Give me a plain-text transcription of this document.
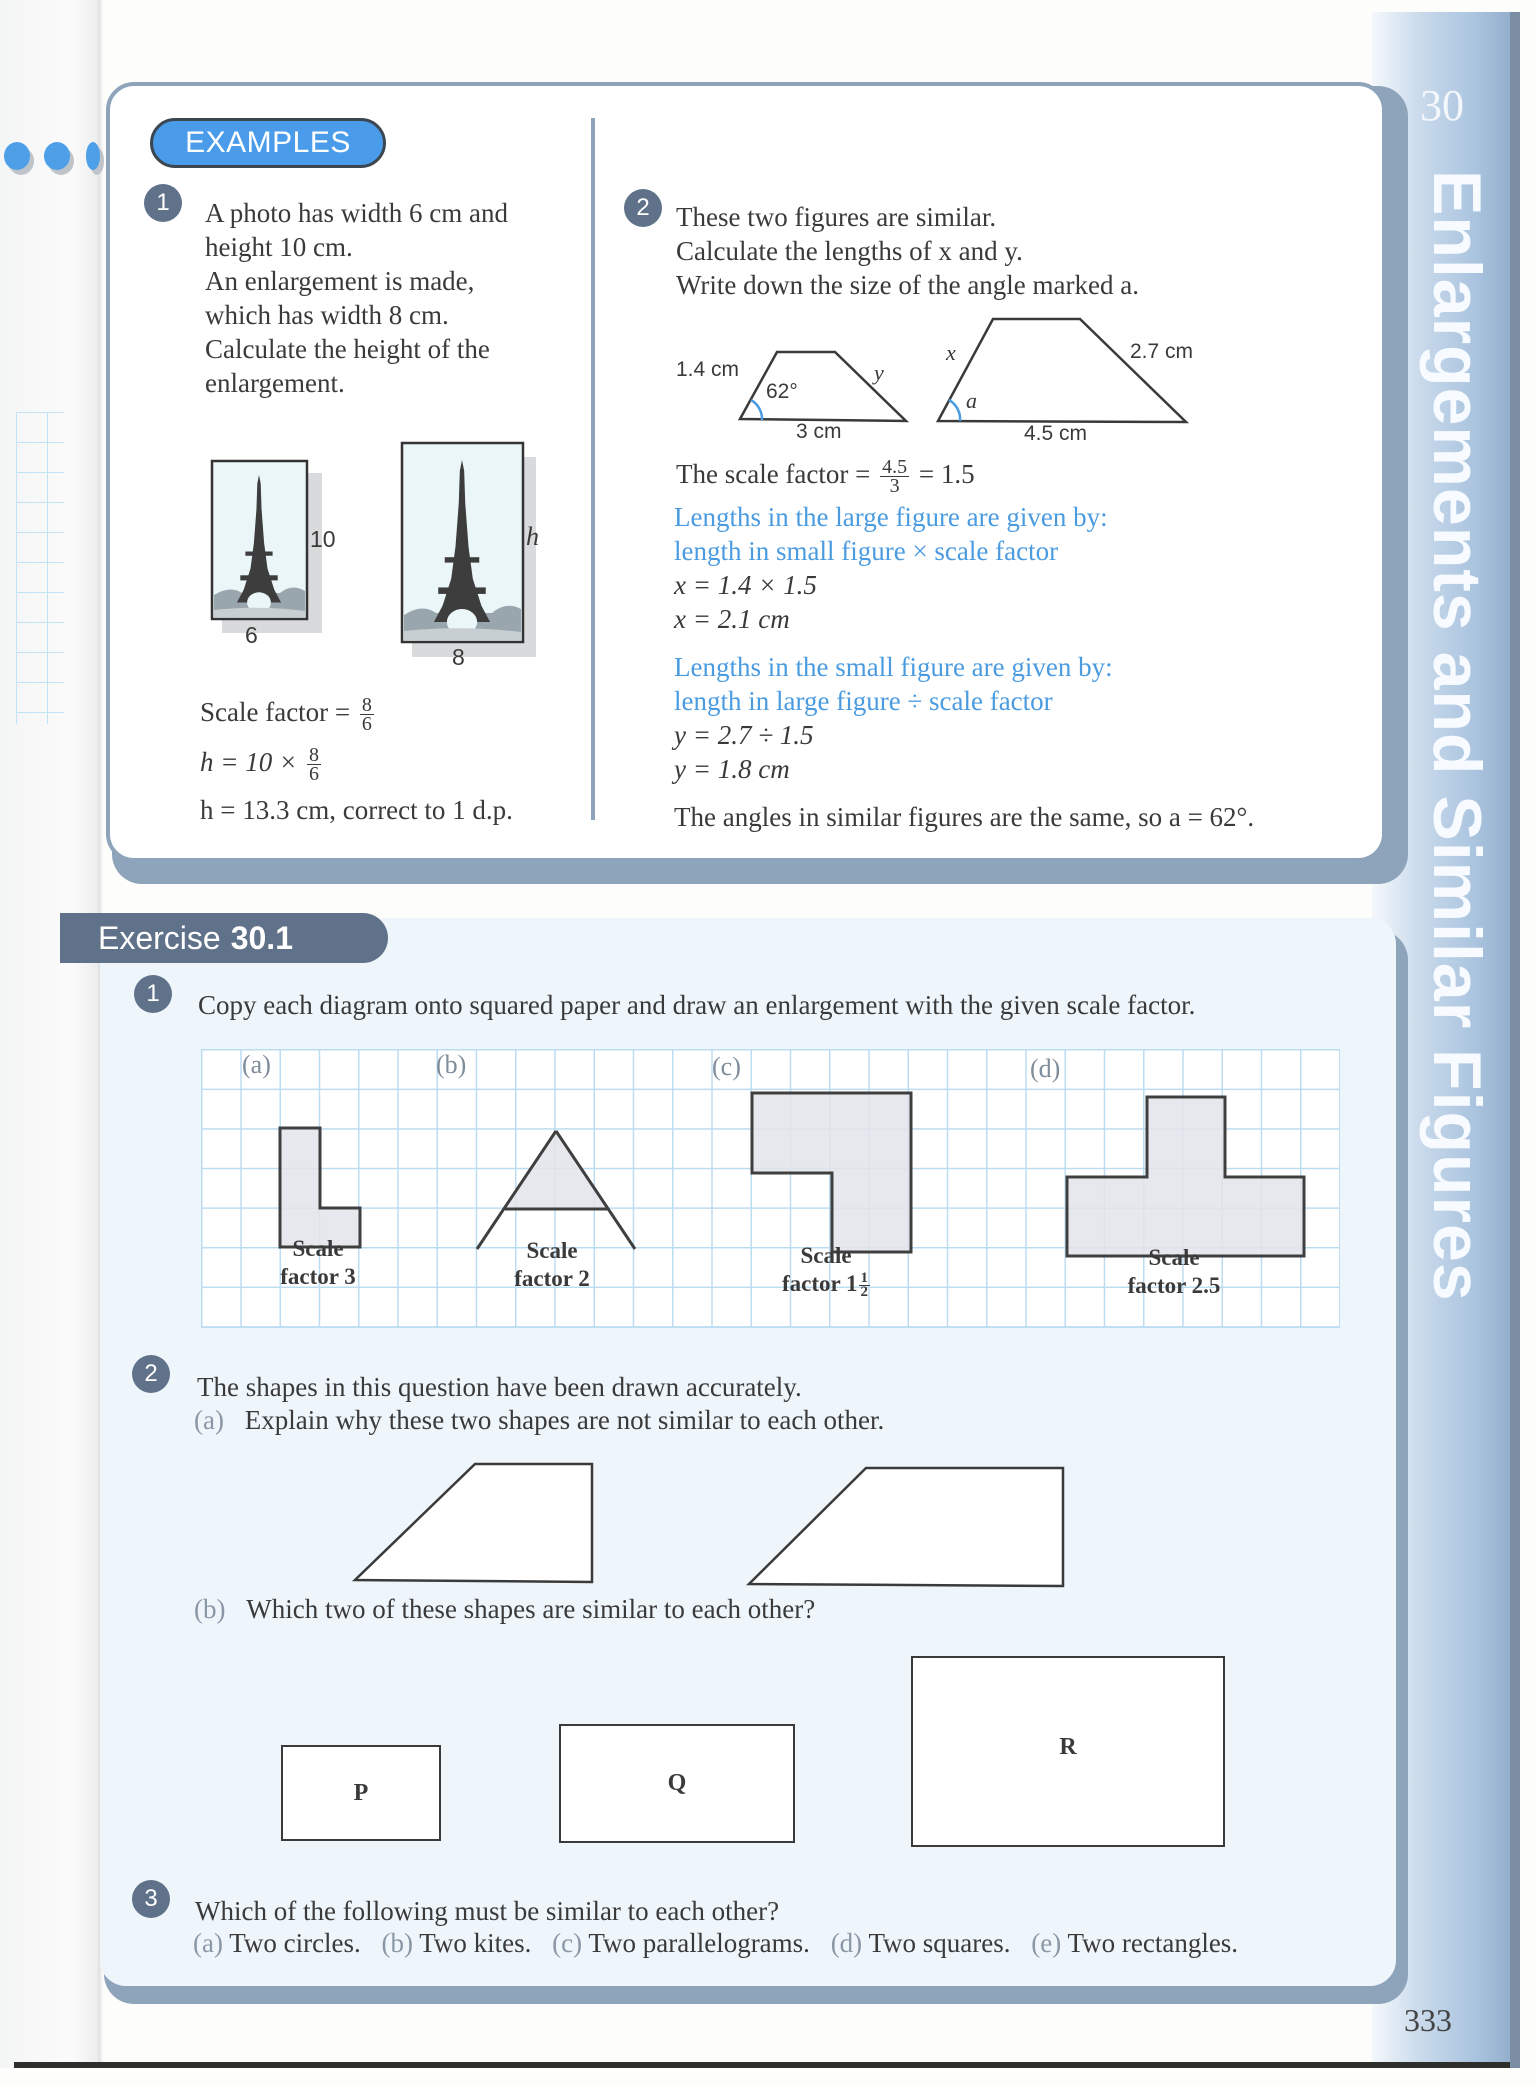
30
Enlargements and Similar Figures
EXAMPLES
1	A photo has width 6 cm and
height 10 cm.
An enlargement is made,
which has width 8 cm.
Calculate the height of the
enlargement.
10
6
h
8
Scale factor = $\frac{8}{6}$
$h = 10 \times \frac{8}{6}$
h = 13.3 cm, correct to 1 d.p.
2 These two figures are similar.
Calculate the lengths of x and y.
Write down the size of the angle marked a.
1.4 cm	y
62°
3 cm
x	2.7 cm
a
4.5 cm
The scale factor = $\frac{4.5}{3} = 1.5$
Lengths in the large figure are given by:
length in small figure × scale factor
x = 1.4 × 1.5
x = 2.1 cm
Lengths in the small figure are given by:
length in large figure ÷ scale factor
y = 2.7 ÷ 1.5
y = 1.8 cm
The angles in similar figures are the same, so a = 62°.
Exercise 30.1
1	Copy each diagram onto squared paper and draw an enlargement with the given scale factor.
(a)	(b)	(c)	(d)
Scale
factor 3
Scale
factor 2
Scale
factor $1 \frac{1}{2}$
Scale
factor 2.5
2	The shapes in this question have been drawn accurately.
(a) Explain why these two shapes are not similar to each other.
(b) Which two of these shapes are similar to each other?
P	Q
R
3	Which of the following must be similar to each other?
(a) Two circles. (b) Two kites. (c) Two parallelograms. (d) Two squares. (e) Two rectangles.
333
